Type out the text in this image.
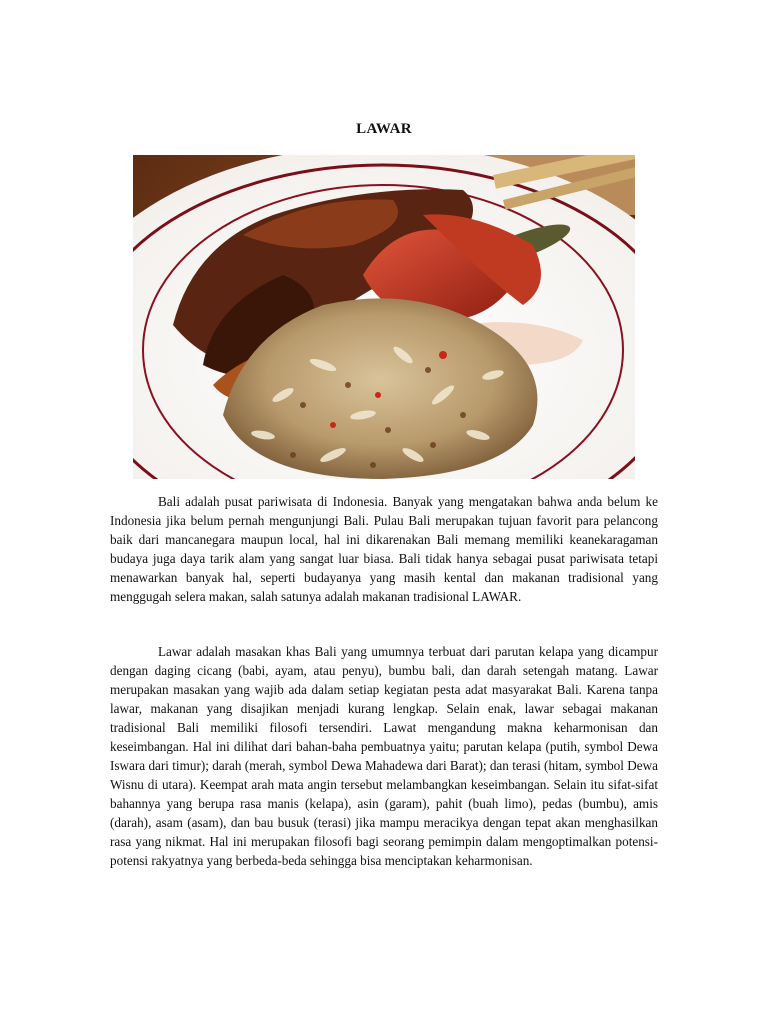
LAWAR

Bali adalah pusat pariwisata di Indonesia. Banyak yang mengatakan bahwa anda belum ke Indonesia jika belum pernah mengunjungi Bali. Pulau Bali merupakan tujuan favorit para pelancong baik dari mancanegara maupun local, hal ini dikarenakan Bali memang memiliki keanekaragaman budaya juga daya tarik alam yang sangat luar biasa. Bali tidak hanya sebagai pusat pariwisata tetapi menawarkan banyak hal, seperti budayanya yang masih kental dan makanan tradisional yang menggugah selera makan, salah satunya adalah makanan tradisional LAWAR.

Lawar adalah masakan khas Bali yang umumnya terbuat dari parutan kelapa yang dicampur dengan daging cicang (babi, ayam, atau penyu), bumbu bali, dan darah setengah matang. Lawar merupakan masakan yang wajib ada dalam setiap kegiatan pesta adat masyarakat Bali. Karena tanpa lawar, makanan yang disajikan menjadi kurang lengkap. Selain enak, lawar sebagai makanan tradisional Bali memiliki filosofi tersendiri. Lawat mengandung makna keharmonisan dan keseimbangan. Hal ini dilihat dari bahan-baha pembuatnya yaitu; parutan kelapa (putih, symbol Dewa Iswara dari timur); darah (merah, symbol Dewa Mahadewa dari Barat); dan terasi (hitam, symbol Dewa Wisnu di utara). Keempat arah mata angin tersebut melambangkan keseimbangan. Selain itu sifat-sifat bahannya yang berupa rasa manis (kelapa), asin (garam), pahit (buah limo), pedas (bumbu), amis (darah), asam (asam), dan bau busuk (terasi) jika mampu meracikya dengan tepat akan menghasilkan rasa yang nikmat. Hal ini merupakan filosofi bagi seorang pemimpin dalam mengoptimalkan potensi-potensi rakyatnya yang berbeda-beda sehingga bisa menciptakan keharmonisan.
